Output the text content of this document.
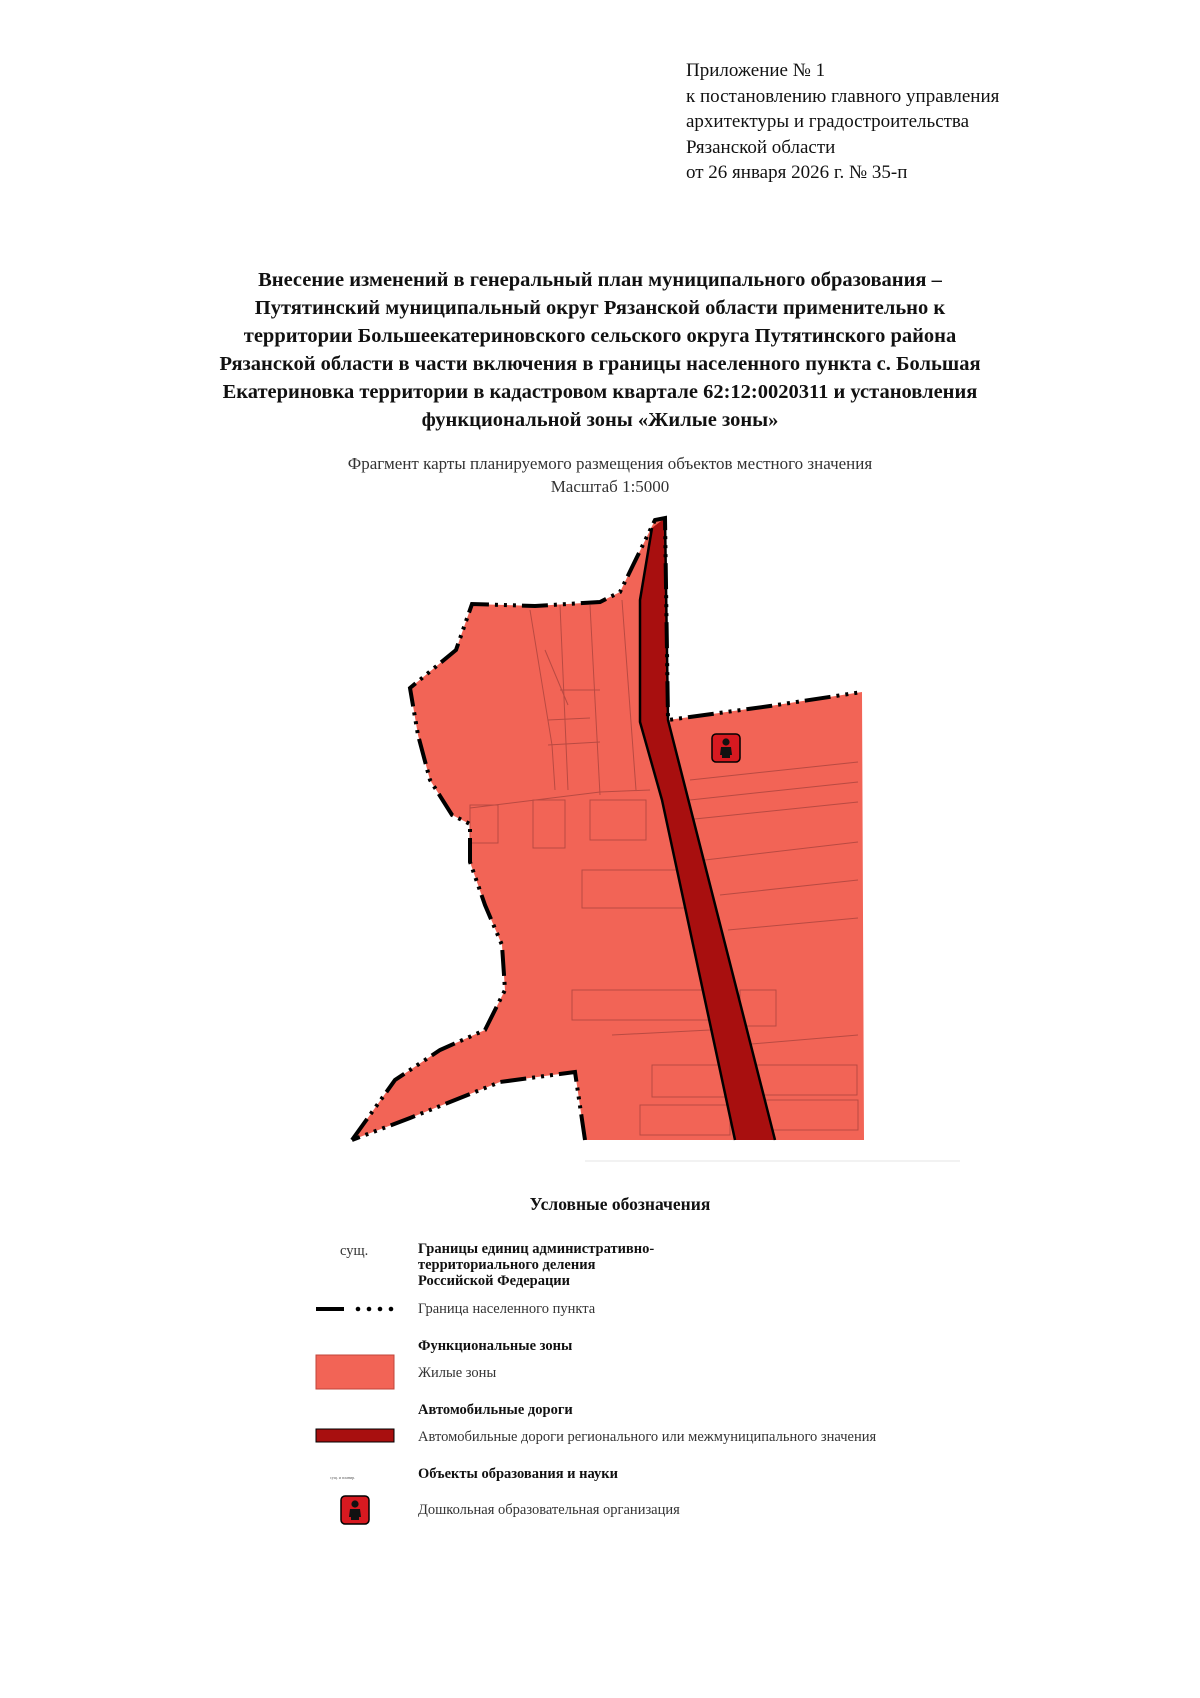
Приложение № 1
к постановлению главного управления
архитектуры и градостроительства
Рязанской области
от 26 января 2026 г. № 35-п
Внесение изменений в генеральный план муниципального образования –
Путятинский муниципальный округ Рязанской области применительно к
территории Большеекатериновского сельского округа Путятинского района
Рязанской области в части включения в границы населенного пункта с. Большая
Екатериновка территории в кадастровом квартале 62:12:0020311 и установления
функциональной зоны «Жилые зоны»
Фрагмент карты планируемого размещения объектов местного значения
Масштаб 1:5000
Условные обозначения
сущ.	Границы единиц административно-
территориального деления
Российской Федерации
Граница населенного пункта
Функциональные зоны
Жилые зоны
Автомобильные дороги
Автомобильные дороги регионального или межмуниципального значения
Объекты образования и науки
сущ. и планир.
Дошкольная образовательная организация
